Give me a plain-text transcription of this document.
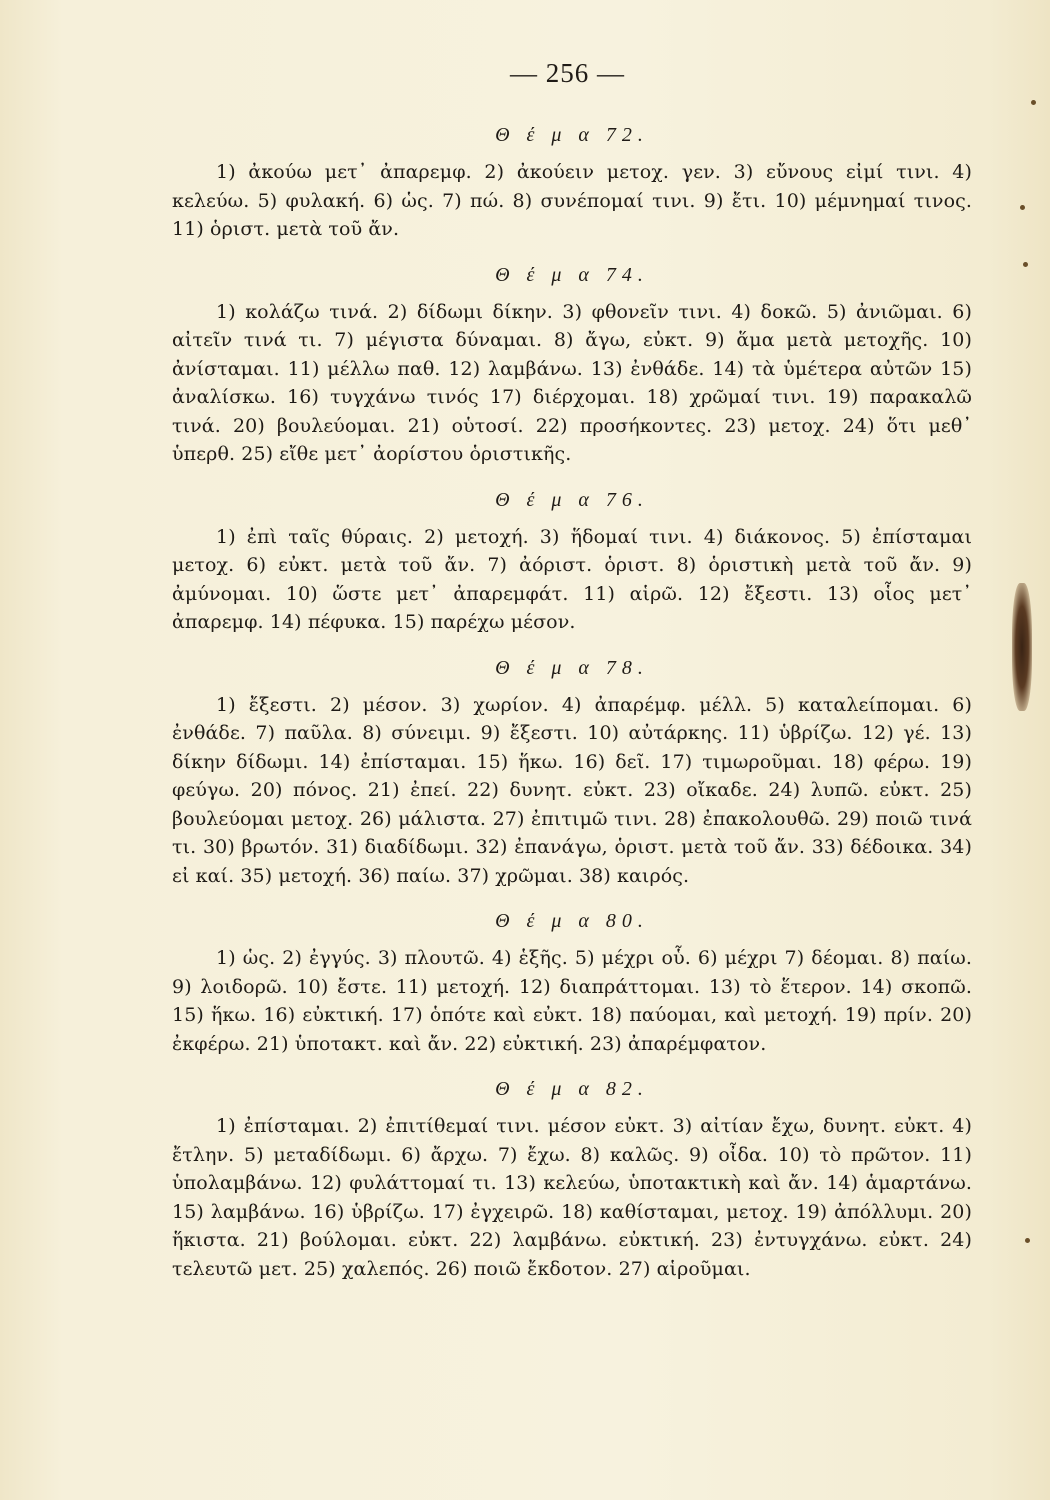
— 256 —
Θ έ μ α 72.

1) ἀκούω μετ᾽ ἀπαρεμφ. 2) ἀκούειν μετοχ. γεν. 3) εὔνους εἰμί τινι. 4) κελεύω. 5) φυλακή. 6) ὡς. 7) πώ. 8) συνέπομαί τινι. 9) ἔτι. 10) μέμνημαί τινος. 11) ὁριστ. μετὰ τοῦ ἄν.

Θ έ μ α 74.

1) κολάζω τινά. 2) δίδωμι δίκην. 3) φθονεῖν τινι. 4) δοκῶ. 5) ἀνιῶμαι. 6) αἰτεῖν τινά τι. 7) μέγιστα δύναμαι. 8) ἄγω, εὐκτ. 9) ἅμα μετὰ μετοχῆς. 10) ἀνίσταμαι. 11) μέλλω παθ. 12) λαμβάνω. 13) ἐνθάδε. 14) τὰ ὑμέτερα αὐτῶν 15) ἀναλίσκω. 16) τυγχάνω τινός 17) διέρχομαι. 18) χρῶμαί τινι. 19) παρακαλῶ τινά. 20) βουλεύομαι. 21) οὑτοσί. 22) προσήκοντες. 23) μετοχ. 24) ὅτι μεθ᾽ ὑπερθ. 25) εἴθε μετ᾽ ἀορίστου ὁριστικῆς.

Θ έ μ α 76.

1) ἐπὶ ταῖς θύραις. 2) μετοχή. 3) ἥδομαί τινι. 4) διάκονος. 5) ἐπίσταμαι μετοχ. 6) εὐκτ. μετὰ τοῦ ἄν. 7) ἀόριστ. ὁριστ. 8) ὁριστικὴ μετὰ τοῦ ἄν. 9) ἀμύνομαι. 10) ὥστε μετ᾽ ἀπαρεμφάτ. 11) αἱρῶ. 12) ἔξεστι. 13) οἷος μετ᾽ ἀπαρεμφ. 14) πέφυκα. 15) παρέχω μέσον.

Θ έ μ α 78.

1) ἔξεστι. 2) μέσον. 3) χωρίον. 4) ἀπαρέμφ. μέλλ. 5) καταλείπομαι. 6) ἐνθάδε. 7) παῦλα. 8) σύνειμι. 9) ἔξεστι. 10) αὐτάρκης. 11) ὑβρίζω. 12) γέ. 13) δίκην δίδωμι. 14) ἐπίσταμαι. 15) ἥκω. 16) δεῖ. 17) τιμωροῦμαι. 18) φέρω. 19) φεύγω. 20) πόνος. 21) ἐπεί. 22) δυνητ. εὐκτ. 23) οἴκαδε. 24) λυπῶ. εὐκτ. 25) βουλεύομαι μετοχ. 26) μάλιστα. 27) ἐπιτιμῶ τινι. 28) ἐπακολουθῶ. 29) ποιῶ τινά τι. 30) βρωτόν. 31) διαδίδωμι. 32) ἐπανάγω, ὁριστ. μετὰ τοῦ ἄν. 33) δέδοικα. 34) εἰ καί. 35) μετοχή. 36) παίω. 37) χρῶμαι. 38) καιρός.

Θ έ μ α 80.

1) ὡς. 2) ἐγγύς. 3) πλουτῶ. 4) ἑξῆς. 5) μέχρι οὗ. 6) μέχρι 7) δέομαι. 8) παίω. 9) λοιδορῶ. 10) ἔστε. 11) μετοχή. 12) διαπράττομαι. 13) τὸ ἕτερον. 14) σκοπῶ. 15) ἥκω. 16) εὐκτική. 17) ὁπότε καὶ εὐκτ. 18) παύομαι, καὶ μετοχή. 19) πρίν. 20) ἐκφέρω. 21) ὑποτακτ. καὶ ἄν. 22) εὐκτική. 23) ἀπαρέμφατον.

Θ έ μ α 82.

1) ἐπίσταμαι. 2) ἐπιτίθεμαί τινι. μέσον εὐκτ. 3) αἰτίαν ἔχω, δυνητ. εὐκτ. 4) ἔτλην. 5) μεταδίδωμι. 6) ἄρχω. 7) ἔχω. 8) καλῶς. 9) οἶδα. 10) τὸ πρῶτον. 11) ὑπολαμβάνω. 12) φυλάττομαί τι. 13) κελεύω, ὑποτακτικὴ καὶ ἄν. 14) ἁμαρτάνω. 15) λαμβάνω. 16) ὑβρίζω. 17) ἐγχειρῶ. 18) καθίσταμαι, μετοχ. 19) ἀπόλλυμι. 20) ἥκιστα. 21) βούλομαι. εὐκτ. 22) λαμβάνω. εὐκτική. 23) ἐντυγχάνω. εὐκτ. 24) τελευτῶ μετ. 25) χαλεπός. 26) ποιῶ ἔκδοτον. 27) αἱροῦμαι.
